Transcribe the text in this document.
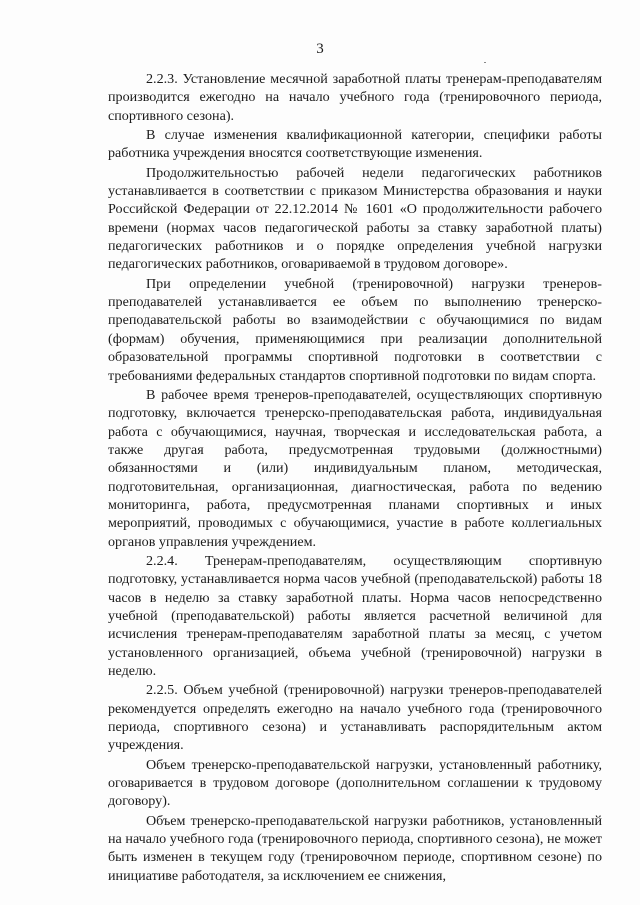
3

2.2.3. Установление месячной заработной платы тренерам-преподавателям производится ежегодно на начало учебного года (тренировочного периода, спортивного сезона).

В случае изменения квалификационной категории, специфики работы работника учреждения вносятся соответствующие изменения.

Продолжительностью рабочей недели педагогических работников устанавливается в соответствии с приказом Министерства образования и науки Российской Федерации от 22.12.2014 № 1601 «О продолжительности рабочего времени (нормах часов педагогической работы за ставку заработной платы) педагогических работников и о порядке определения учебной нагрузки педагогических работников, оговариваемой в трудовом договоре».

При определении учебной (тренировочной) нагрузки тренеров-преподавателей устанавливается ее объем по выполнению тренерско-преподавательской работы во взаимодействии с обучающимися по видам (формам) обучения, применяющимися при реализации дополнительной образовательной программы спортивной подготовки в соответствии с требованиями федеральных стандартов спортивной подготовки по видам спорта.

В рабочее время тренеров-преподавателей, осуществляющих спортивную подготовку, включается тренерско-преподавательская работа, индивидуальная работа с обучающимися, научная, творческая и исследовательская работа, а также другая работа, предусмотренная трудовыми (должностными) обязанностями и (или) индивидуальным планом, методическая, подготовительная, организационная, диагностическая, работа по ведению мониторинга, работа, предусмотренная планами спортивных и иных мероприятий, проводимых с обучающимися, участие в работе коллегиальных органов управления учреждением.

2.2.4. Тренерам-преподавателям, осуществляющим спортивную подготовку, устанавливается норма часов учебной (преподавательской) работы 18 часов в неделю за ставку заработной платы. Норма часов непосредственно учебной (преподавательской) работы является расчетной величиной для исчисления тренерам-преподавателям заработной платы за месяц, с учетом установленного организацией, объема учебной (тренировочной) нагрузки в неделю.

2.2.5. Объем учебной (тренировочной) нагрузки тренеров-преподавателей рекомендуется определять ежегодно на начало учебного года (тренировочного периода, спортивного сезона) и устанавливать распорядительным актом учреждения.

Объем тренерско-преподавательской нагрузки, установленный работнику, оговаривается в трудовом договоре (дополнительном соглашении к трудовому договору).

Объем тренерско-преподавательской нагрузки работников, установленный на начало учебного года (тренировочного периода, спортивного сезона), не может быть изменен в текущем году (тренировочном периоде, спортивном сезоне) по инициативе работодателя, за исключением ее снижения,
